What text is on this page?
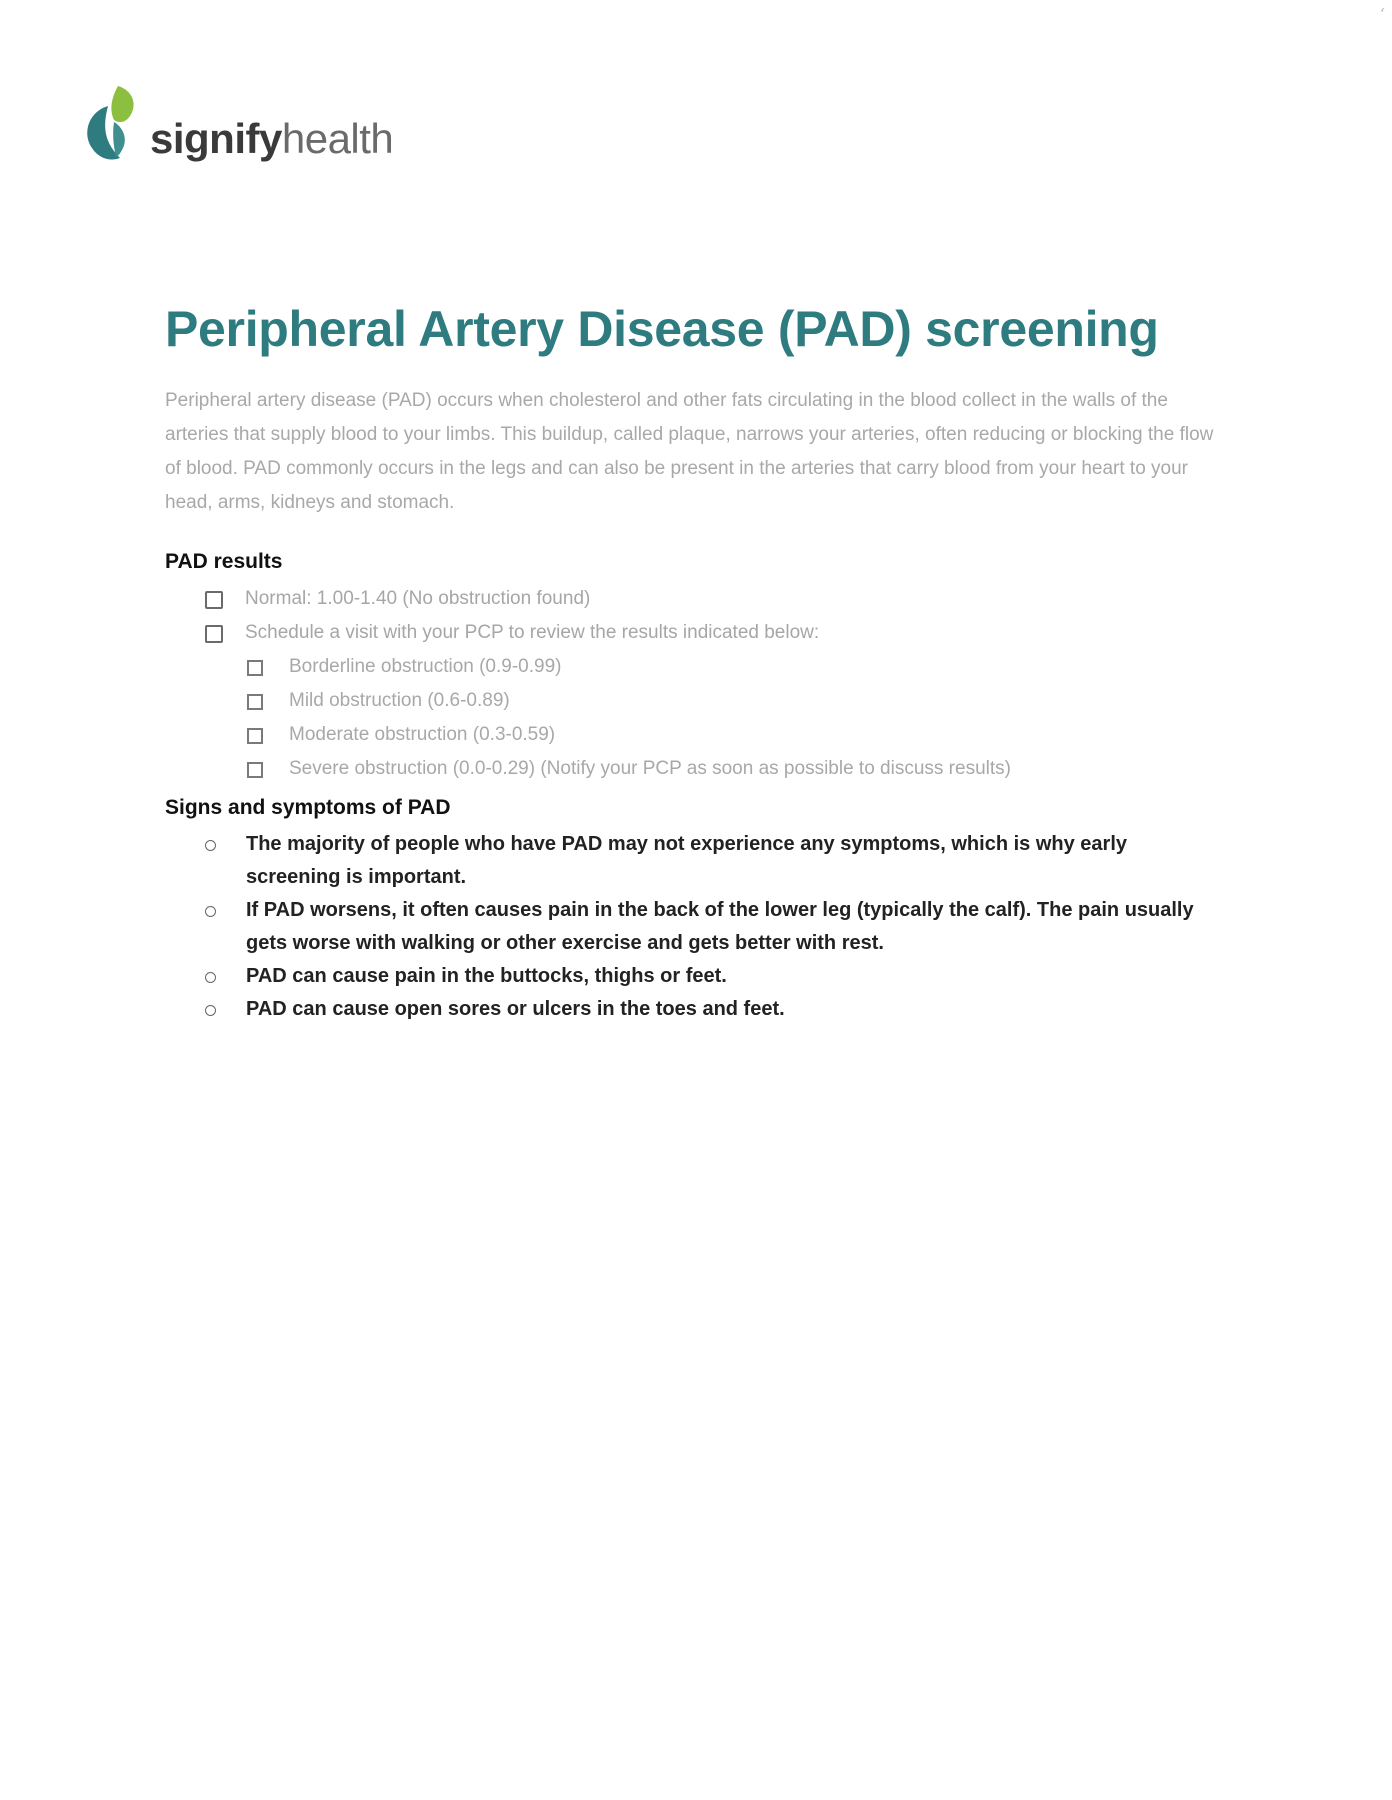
ʻ
signifyhealth
Peripheral Artery Disease (PAD) screening

Peripheral artery disease (PAD) occurs when cholesterol and other fats circulating in the blood collect in the walls of the arteries that supply blood to your limbs. This buildup, called plaque, narrows your arteries, often reducing or blocking the flow of blood. PAD commonly occurs in the legs and can also be present in the arteries that carry blood from your heart to your head, arms, kidneys and stomach.

PAD results
Normal: 1.00-1.40 (No obstruction found)
Schedule a visit with your PCP to review the results indicated below:
Borderline obstruction (0.9-0.99)
Mild obstruction (0.6-0.89)
Moderate obstruction (0.3-0.59)
Severe obstruction (0.0-0.29) (Notify your PCP as soon as possible to discuss results)
Signs and symptoms of PAD
The majority of people who have PAD may not experience any symptoms, which is why early screening is important.
If PAD worsens, it often causes pain in the back of the lower leg (typically the calf). The pain usually gets worse with walking or other exercise and gets better with rest.
PAD can cause pain in the buttocks, thighs or feet.
PAD can cause open sores or ulcers in the toes and feet.
